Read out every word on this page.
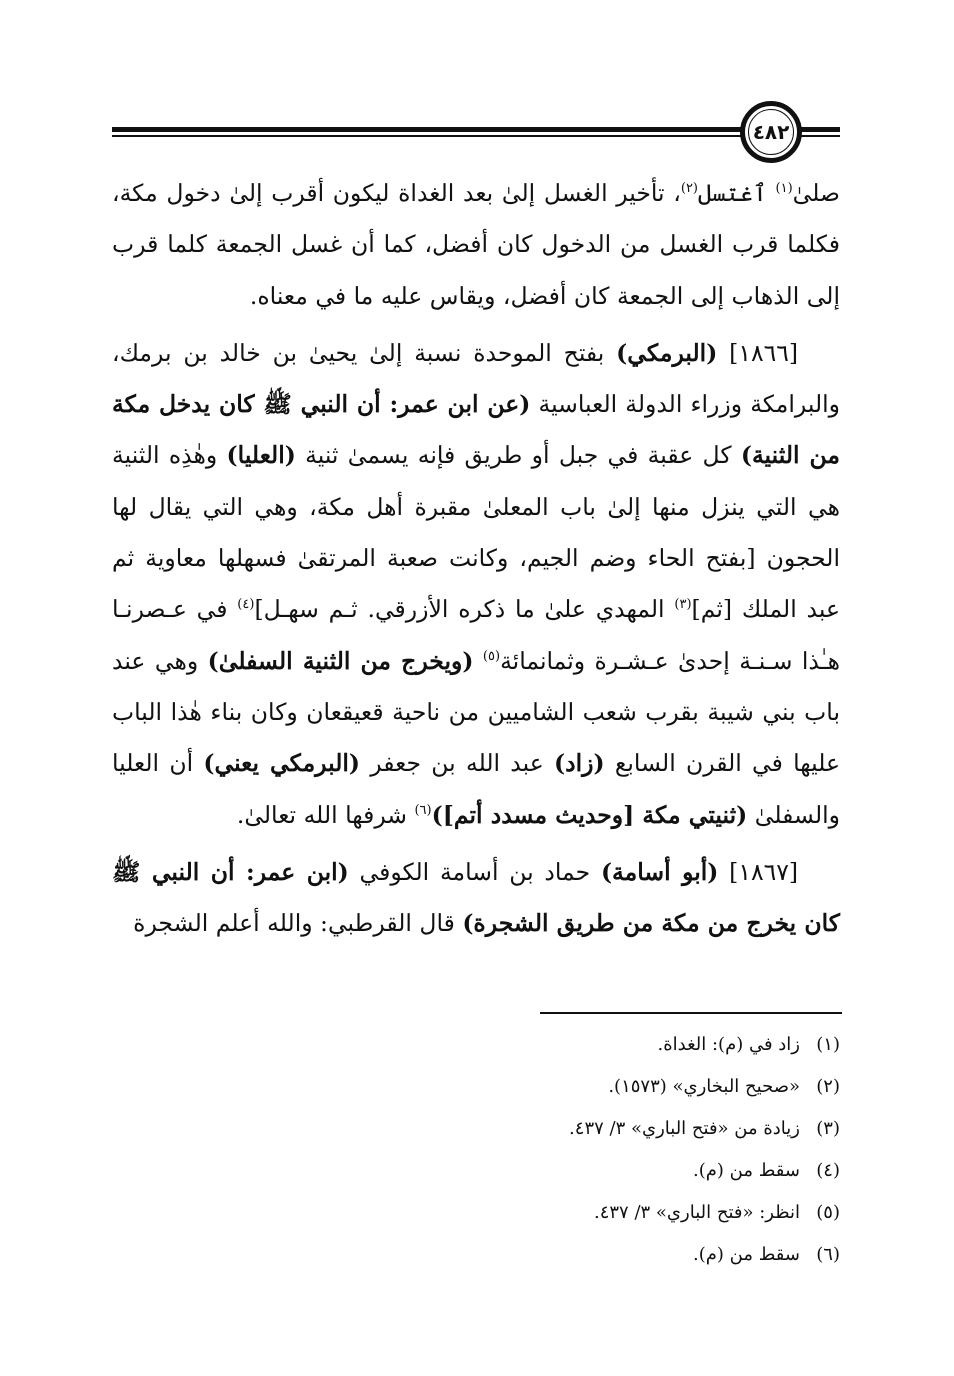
٤٨٢

صلىٰ$^{(١)}$ ٱغتسل$^{(٢)}$، تأخير الغسل إلىٰ بعد الغداة ليكون أقرب إلىٰ دخول مكة، فكلما قرب الغسل من الدخول كان أفضل، كما أن غسل الجمعة كلما قرب إلى الذهاب إلى الجمعة كان أفضل، ويقاس عليه ما في معناه.

[١٨٦٦] (البرمكي) بفتح الموحدة نسبة إلىٰ يحيىٰ بن خالد بن برمك، والبرامكة وزراء الدولة العباسية (عن ابن عمر: أن النبي ﷺ كان يدخل مكة من الثنية) كل عقبة في جبل أو طريق فإنه يسمىٰ ثنية (العليا) وهٰذِه الثنية هي التي ينزل منها إلىٰ باب المعلىٰ مقبرة أهل مكة، وهي التي يقال لها الحجون [بفتح الحاء وضم الجيم، وكانت صعبة المرتقىٰ فسهلها معاوية ثم عبد الملك [ثم]$^{(٣)}$ المهدي علىٰ ما ذكره الأزرقي. ثـم سهـل]$^{(٤)}$ في عـصرنـا هـٰذا سـنـة إحدىٰ عـشـرة وثمانمائة$^{(٥)}$ (ويخرج من الثنية السفلىٰ) وهي عند باب بني شيبة بقرب شعب الشاميين من ناحية قعيقعان وكان بناء هٰذا الباب عليها في القرن السابع (زاد) عبد الله بن جعفر (البرمكي يعني) أن العليا والسفلىٰ (ثنيتي مكة [وحديث مسدد أتم])$^{(٦)}$ شرفها الله تعالىٰ.

[١٨٦٧] (أبو أسامة) حماد بن أسامة الكوفي (ابن عمر: أن النبي ﷺ كان يخرج من مكة من طريق الشجرة) قال القرطبي: والله أعلم الشجرة

(١)زاد في (م): الغداة.
(٢)«صحيح البخاري» (١٥٧٣).
(٣)زيادة من «فتح الباري» ٣/ ٤٣٧.
(٤)سقط من (م).
(٥)انظر: «فتح الباري» ٣/ ٤٣٧.
(٦)سقط من (م).
